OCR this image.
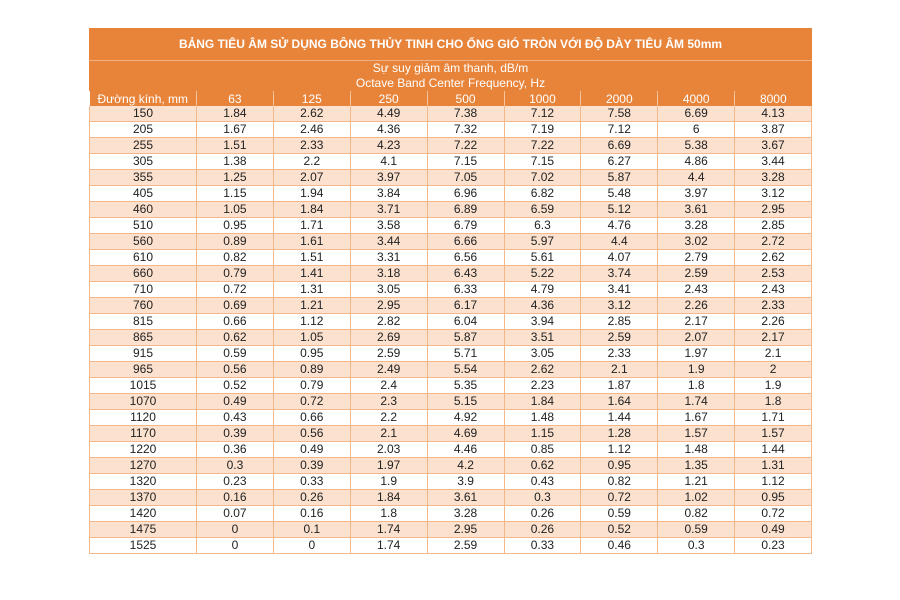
BẢNG TIÊU ÂM SỬ DỤNG BÔNG THỦY TINH CHO ỐNG GIÓ TRÒN VỚI ĐỘ DÀY TIÊU ÂM 50mm
Sự suy giảm âm thanh, dB/m
Octave Band Center Frequency, Hz
Đường kính, mm	63	125	250	500	1000	2000	4000	8000
150	1.84	2.62	4.49	7.38	7.12	7.58	6.69	4.13
205	1.67	2.46	4.36	7.32	7.19	7.12	6	3.87
255	1.51	2.33	4.23	7.22	7.22	6.69	5.38	3.67
305	1.38	2.2	4.1	7.15	7.15	6.27	4.86	3.44
355	1.25	2.07	3.97	7.05	7.02	5.87	4.4	3.28
405	1.15	1.94	3.84	6.96	6.82	5.48	3.97	3.12
460	1.05	1.84	3.71	6.89	6.59	5.12	3.61	2.95
510	0.95	1.71	3.58	6.79	6.3	4.76	3.28	2.85
560	0.89	1.61	3.44	6.66	5.97	4.4	3.02	2.72
610	0.82	1.51	3.31	6.56	5.61	4.07	2.79	2.62
660	0.79	1.41	3.18	6.43	5.22	3.74	2.59	2.53
710	0.72	1.31	3.05	6.33	4.79	3.41	2.43	2.43
760	0.69	1.21	2.95	6.17	4.36	3.12	2.26	2.33
815	0.66	1.12	2.82	6.04	3.94	2.85	2.17	2.26
865	0.62	1.05	2.69	5.87	3.51	2.59	2.07	2.17
915	0.59	0.95	2.59	5.71	3.05	2.33	1.97	2.1
965	0.56	0.89	2.49	5.54	2.62	2.1	1.9	2
1015	0.52	0.79	2.4	5.35	2.23	1.87	1.8	1.9
1070	0.49	0.72	2.3	5.15	1.84	1.64	1.74	1.8
1120	0.43	0.66	2.2	4.92	1.48	1.44	1.67	1.71
1170	0.39	0.56	2.1	4.69	1.15	1.28	1.57	1.57
1220	0.36	0.49	2.03	4.46	0.85	1.12	1.48	1.44
1270	0.3	0.39	1.97	4.2	0.62	0.95	1.35	1.31
1320	0.23	0.33	1.9	3.9	0.43	0.82	1.21	1.12
1370	0.16	0.26	1.84	3.61	0.3	0.72	1.02	0.95
1420	0.07	0.16	1.8	3.28	0.26	0.59	0.82	0.72
1475	0	0.1	1.74	2.95	0.26	0.52	0.59	0.49
1525	0	0	1.74	2.59	0.33	0.46	0.3	0.23
